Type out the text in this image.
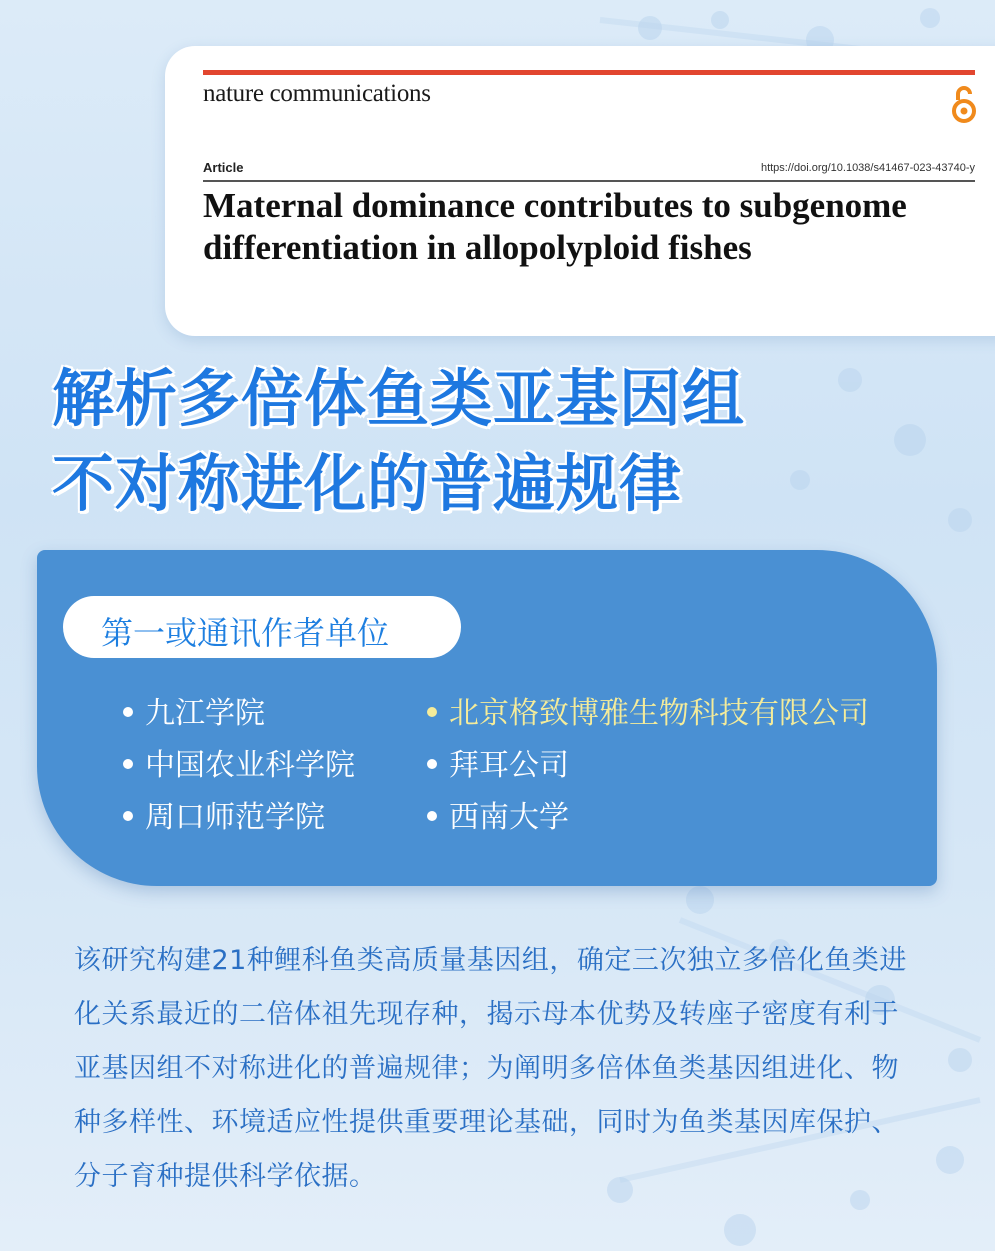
nature communications
Article	https://doi.org/10.1038/s41467-023-43740-y
Maternal dominance contributes to subgenome differentiation in allopolyploid fishes
解析多倍体鱼类亚基因组
不对称进化的普遍规律
第一或通讯作者单位
九江学院
中国农业科学院
周口师范学院
北京格致博雅生物科技有限公司
拜耳公司
西南大学

该研究构建21种鲤科鱼类高质量基因组，确定三次独立多倍化鱼类进化关系最近的二倍体祖先现存种，揭示母本优势及转座子密度有利于亚基因组不对称进化的普遍规律；为阐明多倍体鱼类基因组进化、物种多样性、环境适应性提供重要理论基础，同时为鱼类基因库保护、分子育种提供科学依据。
